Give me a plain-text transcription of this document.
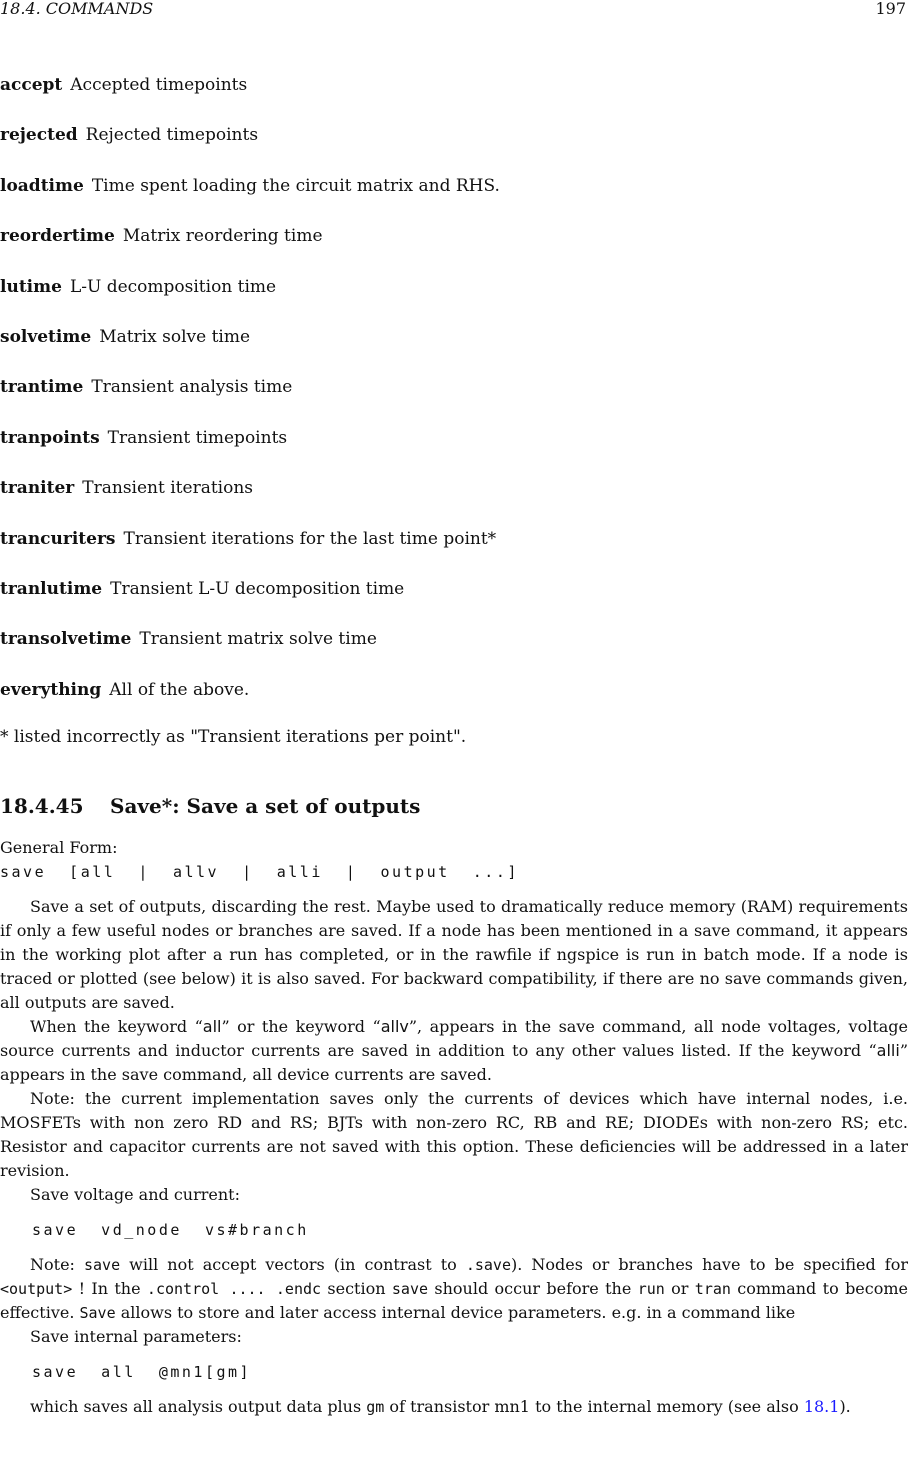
18.4. COMMANDS	197
accept Accepted timepoints
rejected Rejected timepoints
loadtime Time spent loading the circuit matrix and RHS.
reordertime Matrix reordering time
lutime L-U decomposition time
solvetime Matrix solve time
trantime Transient analysis time
tranpoints Transient timepoints
traniter Transient iterations
trancuriters Transient iterations for the last time point*
tranlutime Transient L-U decomposition time
transolvetime Transient matrix solve time
everything All of the above.
* listed incorrectly as "Transient iterations per point".
18.4.45 Save*: Save a set of outputs

General Form:

save  [all  |  allv  |  alli  |  output  ...]

Save a set of outputs, discarding the rest. Maybe used to dramatically reduce memory (RAM) requirements if only a few useful nodes or branches are saved. If a node has been mentioned in a save command, it appears in the working plot after a run has completed, or in the rawfile if ngspice is run in batch mode. If a node is traced or plotted (see below) it is also saved. For backward compatibility, if there are no save commands given, all outputs are saved.

When the keyword “all” or the keyword “allv”, appears in the save command, all node voltages, voltage source currents and inductor currents are saved in addition to any other values listed. If the keyword “alli” appears in the save command, all device currents are saved.

Note: the current implementation saves only the currents of devices which have internal nodes, i.e. MOSFETs with non zero RD and RS; BJTs with non-zero RC, RB and RE; DIODEs with non-zero RS; etc. Resistor and capacitor currents are not saved with this option. These deficiencies will be addressed in a later revision.

Save voltage and current:

save  vd_node  vs#branch

Note: save will not accept vectors (in contrast to .save). Nodes or branches have to be specified for <output> ! In the .control .... .endc section save should occur before the run or tran command to become effective. Save allows to store and later access internal device parameters. e.g. in a command like

Save internal parameters:

save  all  @mn1[gm]

which saves all analysis output data plus gm of transistor mn1 to the internal memory (see also 18.1).
